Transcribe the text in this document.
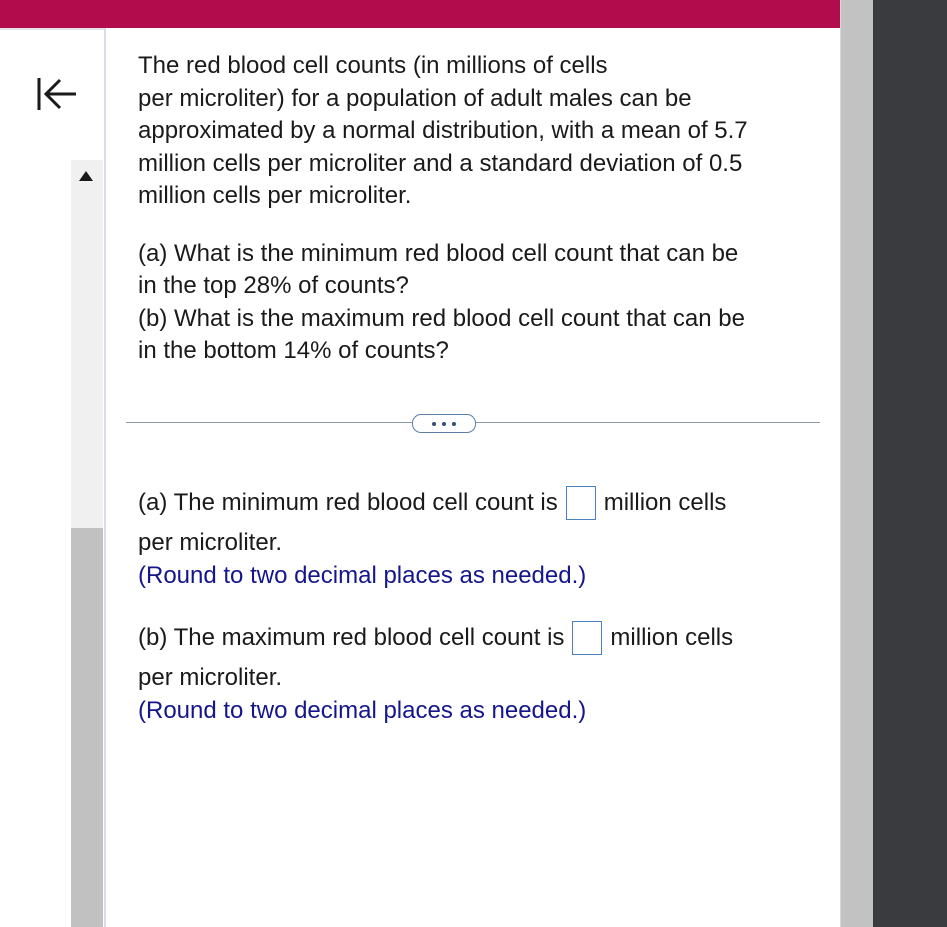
The red blood cell counts (in millions of cells
per microliter) for a population of adult males can be
approximated by a normal distribution, with a mean of 5.7
million cells per microliter and a standard deviation of 0.5
million cells per microliter.

(a) What is the minimum red blood cell count that can be
in the top 28% of counts?

(b) What is the maximum red blood cell count that can be
in the bottom 14% of counts?

(a) The minimum red blood cell count is million cells
per microliter.
(Round to two decimal places as needed.)
(b) The maximum red blood cell count is million cells
per microliter.
(Round to two decimal places as needed.)
